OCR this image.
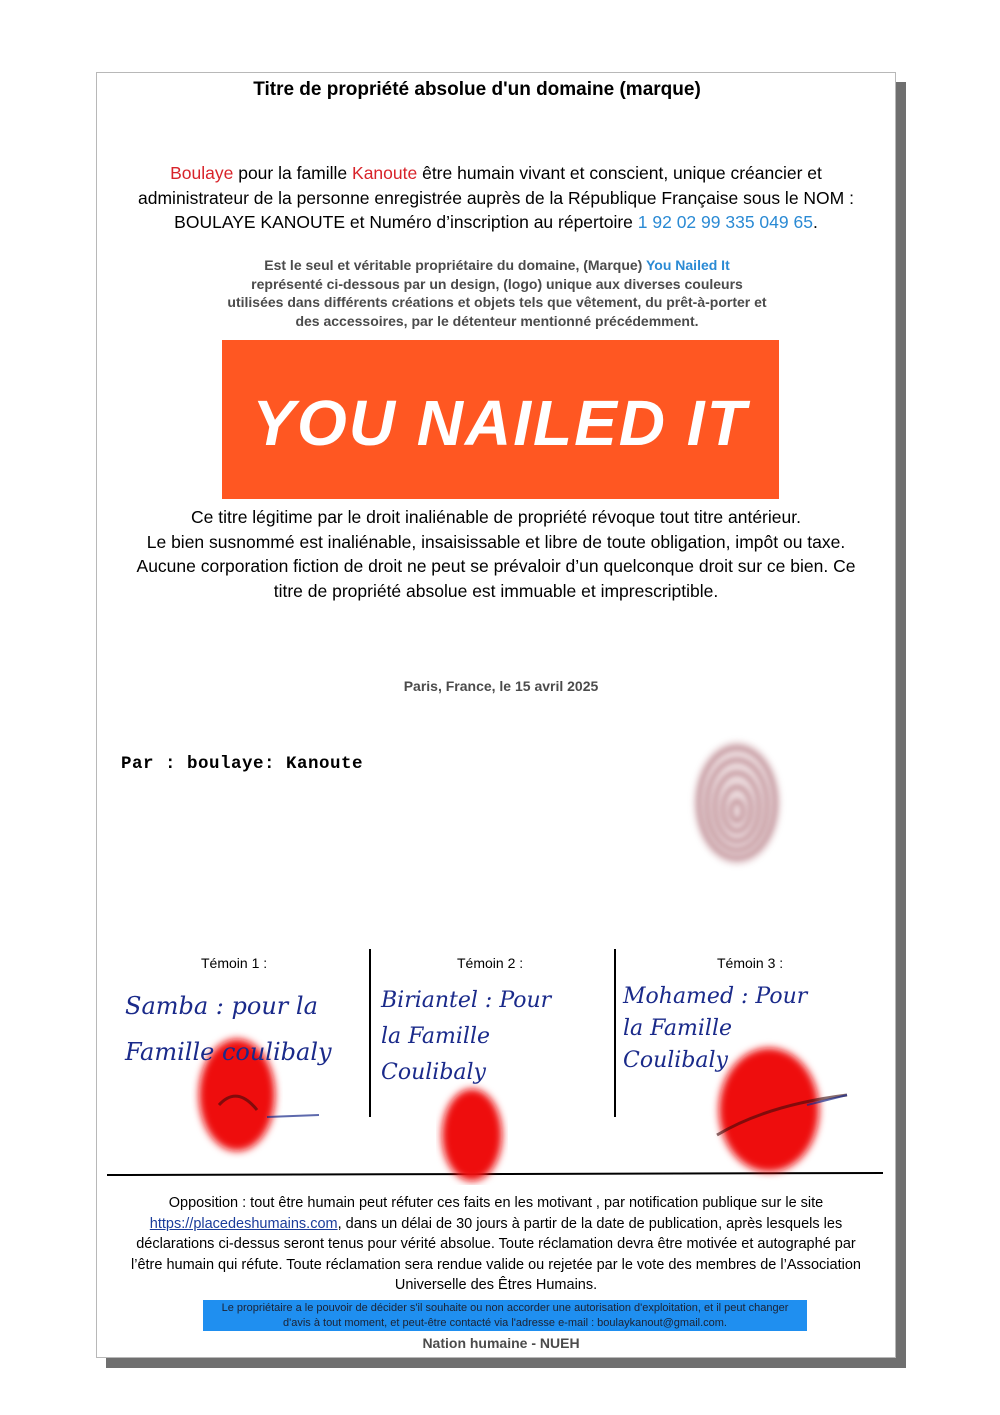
Titre de propriété absolue d'un domaine (marque)
Boulaye pour la famille Kanoute être humain vivant et conscient, unique créancier et
administrateur de la personne enregistrée auprès de la République Française sous le NOM :
BOULAYE KANOUTE et Numéro d’inscription au répertoire 1 92 02 99 335 049 65.
Est le seul et véritable propriétaire du domaine, (Marque) You Nailed It
représenté ci-dessous par un design, (logo) unique aux diverses couleurs
utilisées dans différents créations et objets tels que vêtement, du prêt-à-porter et
des accessoires, par le détenteur mentionné précédemment.
YOU NAILED IT
Ce titre légitime par le droit inaliénable de propriété révoque tout titre antérieur.
Le bien susnommé est inaliénable, insaisissable et libre de toute obligation, impôt ou taxe.
Aucune corporation fiction de droit ne peut se prévaloir d’un quelconque droit sur ce bien. Ce
titre de propriété absolue est immuable et imprescriptible.
Paris, France, le 15 avril 2025
Par : boulaye: Kanoute
Témoin 1 :	Témoin 2 :	Témoin 3 :
Samba : pour la
Famille coulibaly
Biriantel : Pour
la Famille
Coulibaly
Mohamed : Pour
la Famille
Coulibaly
Opposition : tout être humain peut réfuter ces faits en les motivant , par notification publique sur le site
https://placedeshumains.com, dans un délai de 30 jours à partir de la date de publication, après lesquels les
déclarations ci-dessus seront tenus pour vérité absolue. Toute réclamation devra être motivée et autographé par
l’être humain qui réfute. Toute réclamation sera rendue valide ou rejetée par le vote des membres de l’Association
Universelle des Êtres Humains.
Le propriétaire a le pouvoir de décider s'il souhaite ou non accorder une autorisation d'exploitation, et il peut changer
d'avis à tout moment, et peut-être contacté via l'adresse e-mail : boulaykanout@gmail.com.
Nation humaine - NUEH
